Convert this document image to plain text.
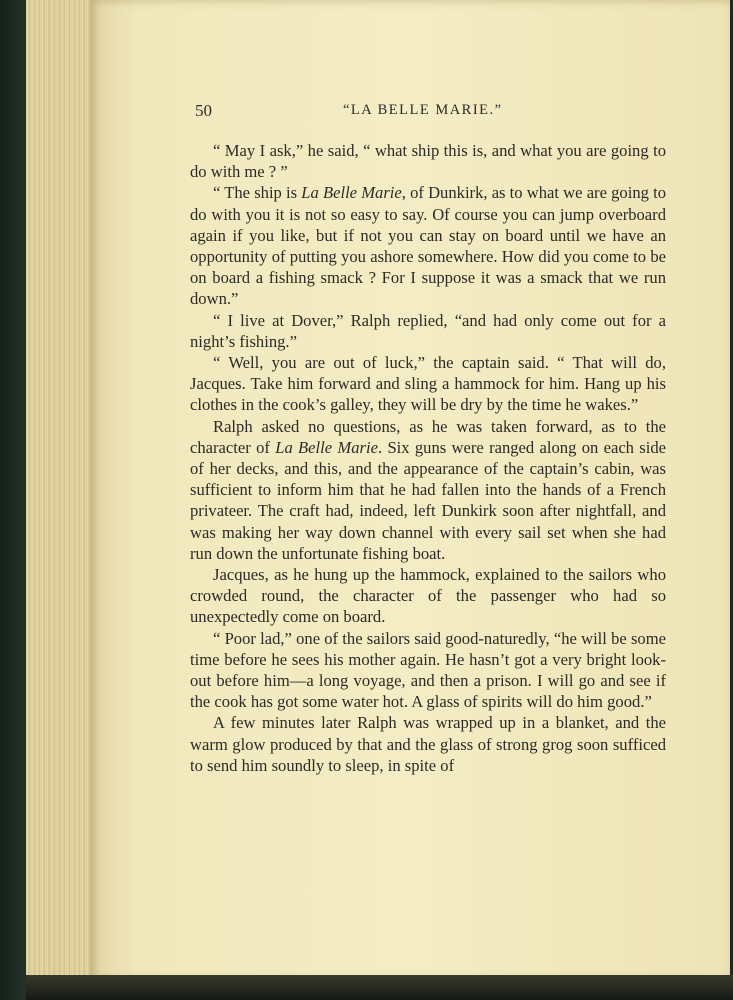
50	“LA BELLE MARIE.”

“ May I ask,” he said, “ what ship this is, and what you are going to do with me ? ”

“ The ship is La Belle Marie, of Dunkirk, as to what we are going to do with you it is not so easy to say. Of course you can jump overboard again if you like, but if not you can stay on board until we have an opportunity of putting you ashore somewhere. How did you come to be on board a fishing smack ? For I suppose it was a smack that we run down.”

“ I live at Dover,” Ralph replied, “and had only come out for a night’s fishing.”

“ Well, you are out of luck,” the captain said. “ That will do, Jacques. Take him forward and sling a hammock for him. Hang up his clothes in the cook’s galley, they will be dry by the time he wakes.”

Ralph asked no questions, as he was taken forward, as to the character of La Belle Marie. Six guns were ranged along on each side of her decks, and this, and the appearance of the captain’s cabin, was sufficient to inform him that he had fallen into the hands of a French privateer. The craft had, indeed, left Dunkirk soon after nightfall, and was making her way down channel with every sail set when she had run down the unfortunate fishing boat.

Jacques, as he hung up the hammock, explained to the sailors who crowded round, the character of the passenger who had so unexpectedly come on board.

“ Poor lad,” one of the sailors said good-naturedly, “he will be some time before he sees his mother again. He hasn’t got a very bright look-out before him—a long voyage, and then a prison. I will go and see if the cook has got some water hot. A glass of spirits will do him good.”

A few minutes later Ralph was wrapped up in a blanket, and the warm glow produced by that and the glass of strong grog soon sufficed to send him soundly to sleep, in spite of
